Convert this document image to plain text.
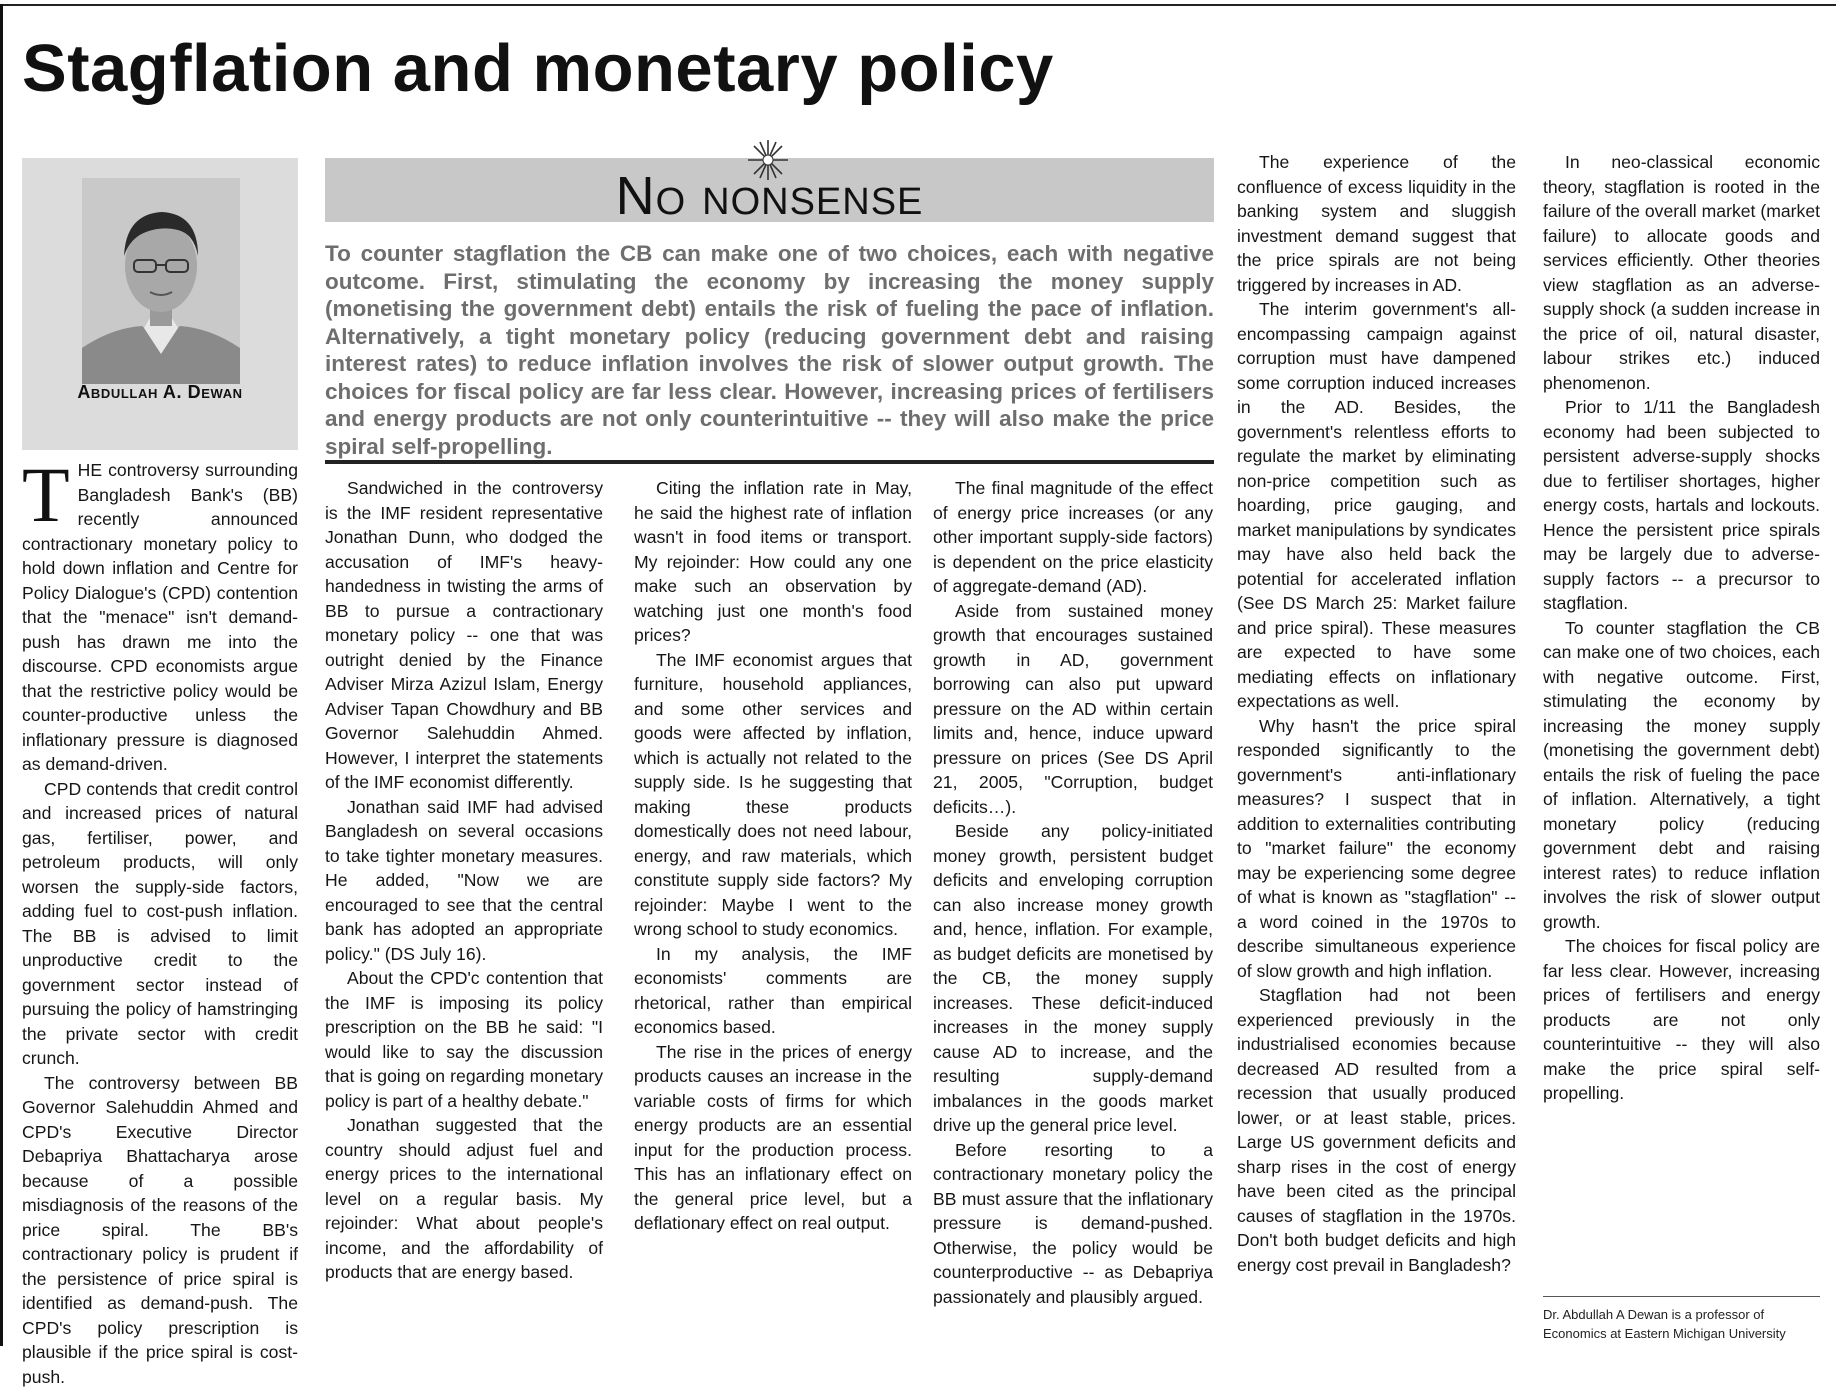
Stagflation and monetary policy
Abdullah A. Dewan
No nonsense

To counter stagflation the CB can make one of two choices, each with negative outcome. First, stimulating the economy by increasing the money supply (monetising the government debt) entails the risk of fueling the pace of inflation. Alternatively, a tight monetary policy (reducing government debt and raising interest rates) to reduce inflation involves the risk of slower output growth. The choices for fiscal policy are far less clear. However, increasing prices of fertilisers and energy products are not only counterintuitive -- they will also make the price spiral self-propelling.

THE controversy surrounding Bangladesh Bank's (BB) recently announced contractionary monetary policy to hold down inflation and Centre for Policy Dialogue's (CPD) contention that the "menace" isn't demand-push has drawn me into the discourse. CPD economists argue that the restrictive policy would be counter-productive unless the inflationary pressure is diagnosed as demand-driven.

CPD contends that credit control and increased prices of natural gas, fertiliser, power, and petroleum products, will only worsen the supply-side factors, adding fuel to cost-push inflation. The BB is advised to limit unproductive credit to the government sector instead of pursuing the policy of hamstringing the private sector with credit crunch.

The controversy between BB Governor Salehuddin Ahmed and CPD's Executive Director Debapriya Bhattacharya arose because of a possible misdiagnosis of the reasons of the price spiral. The BB's contractionary policy is prudent if the persistence of price spiral is identified as demand-push. The CPD's policy prescription is plausible if the price spiral is cost-push.

Sandwiched in the controversy is the IMF resident representative Jonathan Dunn, who dodged the accusation of IMF's heavy-handedness in twisting the arms of BB to pursue a contractionary monetary policy -- one that was outright denied by the Finance Adviser Mirza Azizul Islam, Energy Adviser Tapan Chowdhury and BB Governor Salehuddin Ahmed. However, I interpret the statements of the IMF economist differently.

Jonathan said IMF had advised Bangladesh on several occasions to take tighter monetary measures. He added, "Now we are encouraged to see that the central bank has adopted an appropriate policy." (DS July 16).

About the CPD'c contention that the IMF is imposing its policy prescription on the BB he said: "I would like to say the discussion that is going on regarding monetary policy is part of a healthy debate."

Jonathan suggested that the country should adjust fuel and energy prices to the international level on a regular basis. My rejoinder: What about people's income, and the affordability of products that are energy based.

Citing the inflation rate in May, he said the highest rate of inflation wasn't in food items or transport. My rejoinder: How could any one make such an observation by watching just one month's food prices?

The IMF economist argues that furniture, household appliances, and some other services and goods were affected by inflation, which is actually not related to the supply side. Is he suggesting that making these products domestically does not need labour, energy, and raw materials, which constitute supply side factors? My rejoinder: Maybe I went to the wrong school to study economics.

In my analysis, the IMF economists' comments are rhetorical, rather than empirical economics based.

The rise in the prices of energy products causes an increase in the variable costs of firms for which energy products are an essential input for the production process. This has an inflationary effect on the general price level, but a deflationary effect on real output.

The final magnitude of the effect of energy price increases (or any other important supply-side factors) is dependent on the price elasticity of aggregate-demand (AD).

Aside from sustained money growth that encourages sustained growth in AD, government borrowing can also put upward pressure on the AD within certain limits and, hence, induce upward pressure on prices (See DS April 21, 2005, "Corruption, budget deficits…).

Beside any policy-initiated money growth, persistent budget deficits and enveloping corruption can also increase money growth and, hence, inflation. For example, as budget deficits are monetised by the CB, the money supply increases. These deficit-induced increases in the money supply cause AD to increase, and the resulting supply-demand imbalances in the goods market drive up the general price level.

Before resorting to a contractionary monetary policy the BB must assure that the inflationary pressure is demand-pushed. Otherwise, the policy would be counterproductive -- as Debapriya passionately and plausibly argued.

The experience of the confluence of excess liquidity in the banking system and sluggish investment demand suggest that the price spirals are not being triggered by increases in AD.

The interim government's all-encompassing campaign against corruption must have dampened some corruption induced increases in the AD. Besides, the government's relentless efforts to regulate the market by eliminating non-price competition such as hoarding, price gauging, and market manipulations by syndicates may have also held back the potential for accelerated inflation (See DS March 25: Market failure and price spiral). These measures are expected to have some mediating effects on inflationary expectations as well.

Why hasn't the price spiral responded significantly to the government's anti-inflationary measures? I suspect that in addition to externalities contributing to "market failure" the economy may be experiencing some degree of what is known as "stagflation" -- a word coined in the 1970s to describe simultaneous experience of slow growth and high inflation.

Stagflation had not been experienced previously in the industrialised economies because decreased AD resulted from a recession that usually produced lower, or at least stable, prices. Large US government deficits and sharp rises in the cost of energy have been cited as the principal causes of stagflation in the 1970s. Don't both budget deficits and high energy cost prevail in Bangladesh?

In neo-classical economic theory, stagflation is rooted in the failure of the overall market (market failure) to allocate goods and services efficiently. Other theories view stagflation as an adverse-supply shock (a sudden increase in the price of oil, natural disaster, labour strikes etc.) induced phenomenon.

Prior to 1/11 the Bangladesh economy had been subjected to persistent adverse-supply shocks due to fertiliser shortages, higher energy costs, hartals and lockouts. Hence the persistent price spirals may be largely due to adverse-supply factors -- a precursor to stagflation.

To counter stagflation the CB can make one of two choices, each with negative outcome. First, stimulating the economy by increasing the money supply (monetising the government debt) entails the risk of fueling the pace of inflation. Alternatively, a tight monetary policy (reducing government debt and raising interest rates) to reduce inflation involves the risk of slower output growth.

The choices for fiscal policy are far less clear. However, increasing prices of fertilisers and energy products are not only counterintuitive -- they will also make the price spiral self-propelling.

Dr. Abdullah A Dewan is a professor of Economics at Eastern Michigan University
